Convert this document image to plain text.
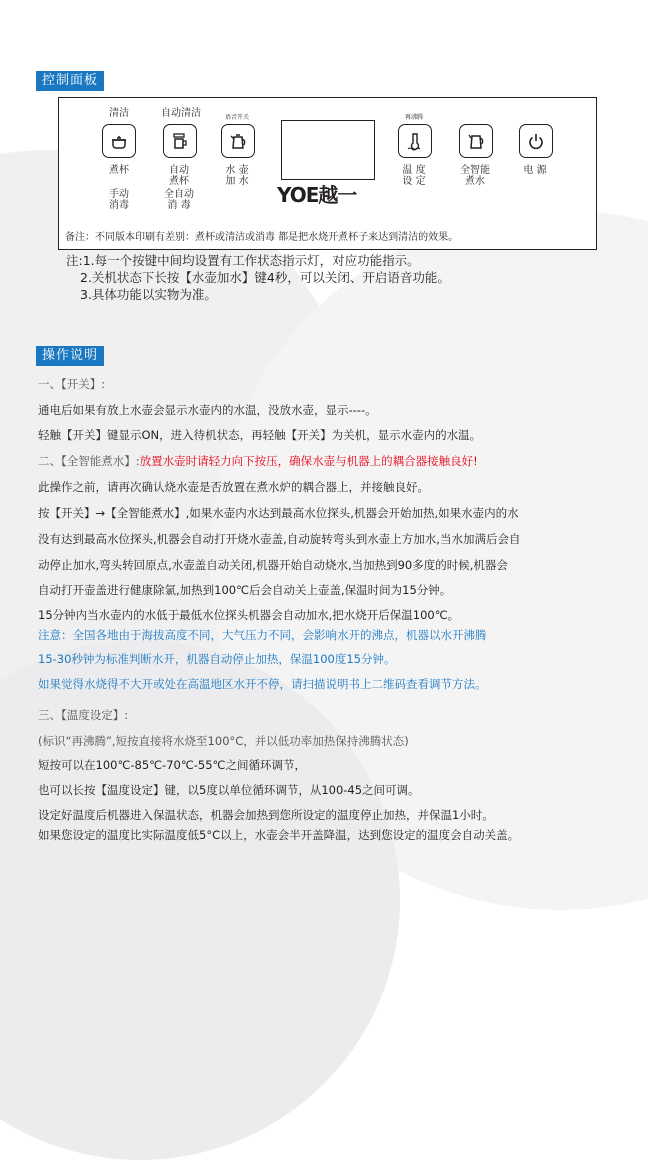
控制面板
清洁
煮杯
手动
消毒
自动清洁
自动
煮杯
全自动
消 毒
语音开关
水 壶
加 水
YOE越一
再沸腾
温 度
设 定
全智能
煮水
电 源
备注：不同版本印刷有差别：煮杯或清洁或消毒 都是把水烧开煮杯子来达到清洁的效果。
注:1.每一个按键中间均设置有工作状态指示灯，对应功能指示。
2.关机状态下长按【水壶加水】键4秒，可以关闭、开启语音功能。
3.具体功能以实物为准。
操作说明
一、【开关】:
通电后如果有放上水壶会显示水壶内的水温，没放水壶，显示----。
轻触【开关】键显示ON，进入待机状态，再轻触【开关】为关机，显示水壶内的水温。
二、【全智能煮水】:放置水壶时请轻力向下按压，确保水壶与机器上的耦合器接触良好!
此操作之前，请再次确认烧水壶是否放置在煮水炉的耦合器上，并接触良好。
按【开关】→【全智能煮水】,如果水壶内水达到最高水位探头,机器会开始加热,如果水壶内的水
没有达到最高水位探头,机器会自动打开烧水壶盖,自动旋转弯头到水壶上方加水,当水加满后会自
动停止加水,弯头转回原点,水壶盖自动关闭,机器开始自动烧水,当加热到90多度的时候,机器会
自动打开壶盖进行健康除氯,加热到100℃后会自动关上壶盖,保温时间为15分钟。
15分钟内当水壶内的水低于最低水位探头机器会自动加水,把水烧开后保温100℃。
注意：全国各地由于海拔高度不同，大气压力不同，会影响水开的沸点，机器以水开沸腾
15-30秒钟为标准判断水开，机器自动停止加热，保温100度15分钟。
如果觉得水烧得不大开或处在高温地区水开不停，请扫描说明书上二维码查看调节方法。
三、【温度设定】:
(标识“再沸腾”,短按直接将水烧至100°C，并以低功率加热保持沸腾状态)
短按可以在100℃-85℃-70℃-55℃之间循环调节，
也可以长按【温度设定】键，以5度以单位循环调节，从100-45之间可调。
设定好温度后机器进入保温状态，机器会加热到您所设定的温度停止加热，并保温1小时。
如果您设定的温度比实际温度低5°C以上，水壶会半开盖降温，达到您设定的温度会自动关盖。
